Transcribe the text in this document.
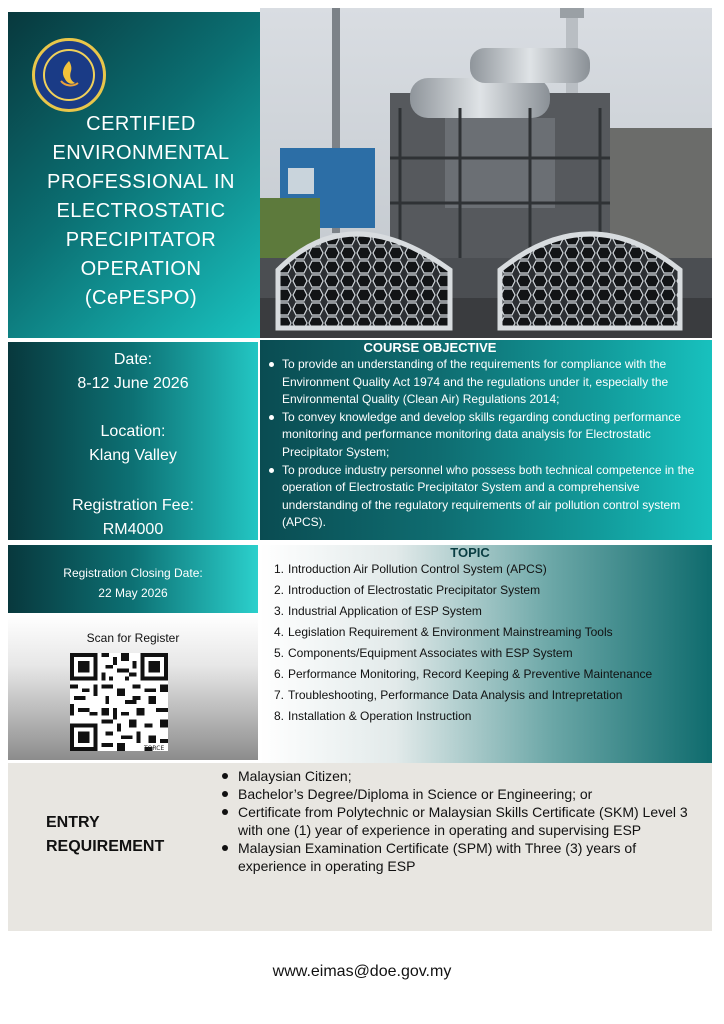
CERTIFIED
ENVIRONMENTAL
PROFESSIONAL IN
ELECTROSTATIC
PRECIPITATOR
OPERATION
(CePESPO)
Date:
8-12 June 2026
Location:
Klang Valley
Registration Fee:
RM4000
COURSE OBJECTIVE
To provide an understanding of the requirements for compliance with the Environment Quality Act 1974 and the regulations under it, especially the Environmental Quality (Clean Air) Regulations 2014;
To convey knowledge and develop skills regarding conducting performance monitoring and performance monitoring data analysis for Electrostatic Precipitator System;
To produce industry personnel who possess both technical competence in the operation of Electrostatic Precipitator System and a comprehensive understanding of the regulatory requirements of air pollution control system (APCS).
Registration Closing Date:
22 May 2026
Scan for Register
TORCE
TOPIC
1. Introduction Air Pollution Control System (APCS)
2. Introduction of Electrostatic Precipitator System
3. Industrial Application of ESP System
4. Legislation Requirement & Environment Mainstreaming Tools
5. Components/Equipment Associates with ESP System
6. Performance Monitoring, Record Keeping & Preventive Maintenance
7. Troubleshooting, Performance Data Analysis and Intrepretation
8. Installation & Operation Instruction
ENTRY
REQUIREMENT
Malaysian Citizen;
Bachelor’s Degree/Diploma in Science or Engineering; or
Certificate from Polytechnic or Malaysian Skills Certificate (SKM) Level 3 with one (1) year of experience in operating and supervising ESP
Malaysian Examination Certificate (SPM) with Three (3) years of experience in operating ESP
www.eimas@doe.gov.my
